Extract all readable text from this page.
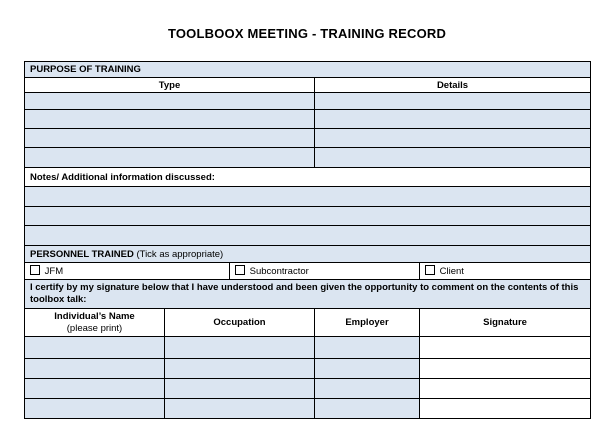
TOOLBOOX MEETING - TRAINING RECORD
PURPOSE OF TRAINING				
Type			Details	

Notes/ Additional information discussed:				

PERSONNEL TRAINED (Tick as appropriate)				
JFM		Subcontractor		Client
I certify by my signature below that I have understood and been given the opportunity to comment on the contents of this toolbox talk:				

Individual’s Name
(please print)	Occupation		Employer	Signature
